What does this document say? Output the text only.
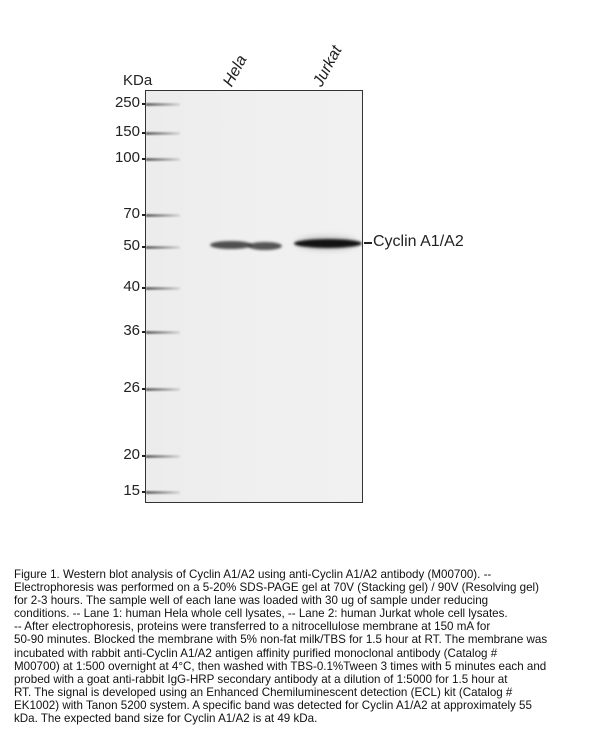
KDa	Hela	Jurkat
250
150
100
70
50
40
36
26
20
15
Cyclin A1/A2
Figure 1. Western blot analysis of Cyclin A1/A2 using anti-Cyclin A1/A2 antibody (M00700). --
Electrophoresis was performed on a 5-20% SDS-PAGE gel at 70V (Stacking gel) / 90V (Resolving gel)
for 2-3 hours. The sample well of each lane was loaded with 30 ug of sample under reducing
conditions. -- Lane 1: human Hela whole cell lysates, -- Lane 2: human Jurkat whole cell lysates.
-- After electrophoresis, proteins were transferred to a nitrocellulose membrane at 150 mA for
50-90 minutes. Blocked the membrane with 5% non-fat milk/TBS for 1.5 hour at RT. The membrane was
incubated with rabbit anti-Cyclin A1/A2 antigen affinity purified monoclonal antibody (Catalog #
M00700) at 1:500 overnight at 4°C, then washed with TBS-0.1%Tween 3 times with 5 minutes each and
probed with a goat anti-rabbit IgG-HRP secondary antibody at a dilution of 1:5000 for 1.5 hour at
RT. The signal is developed using an Enhanced Chemiluminescent detection (ECL) kit (Catalog #
EK1002) with Tanon 5200 system. A specific band was detected for Cyclin A1/A2 at approximately 55
kDa. The expected band size for Cyclin A1/A2 is at 49 kDa.
